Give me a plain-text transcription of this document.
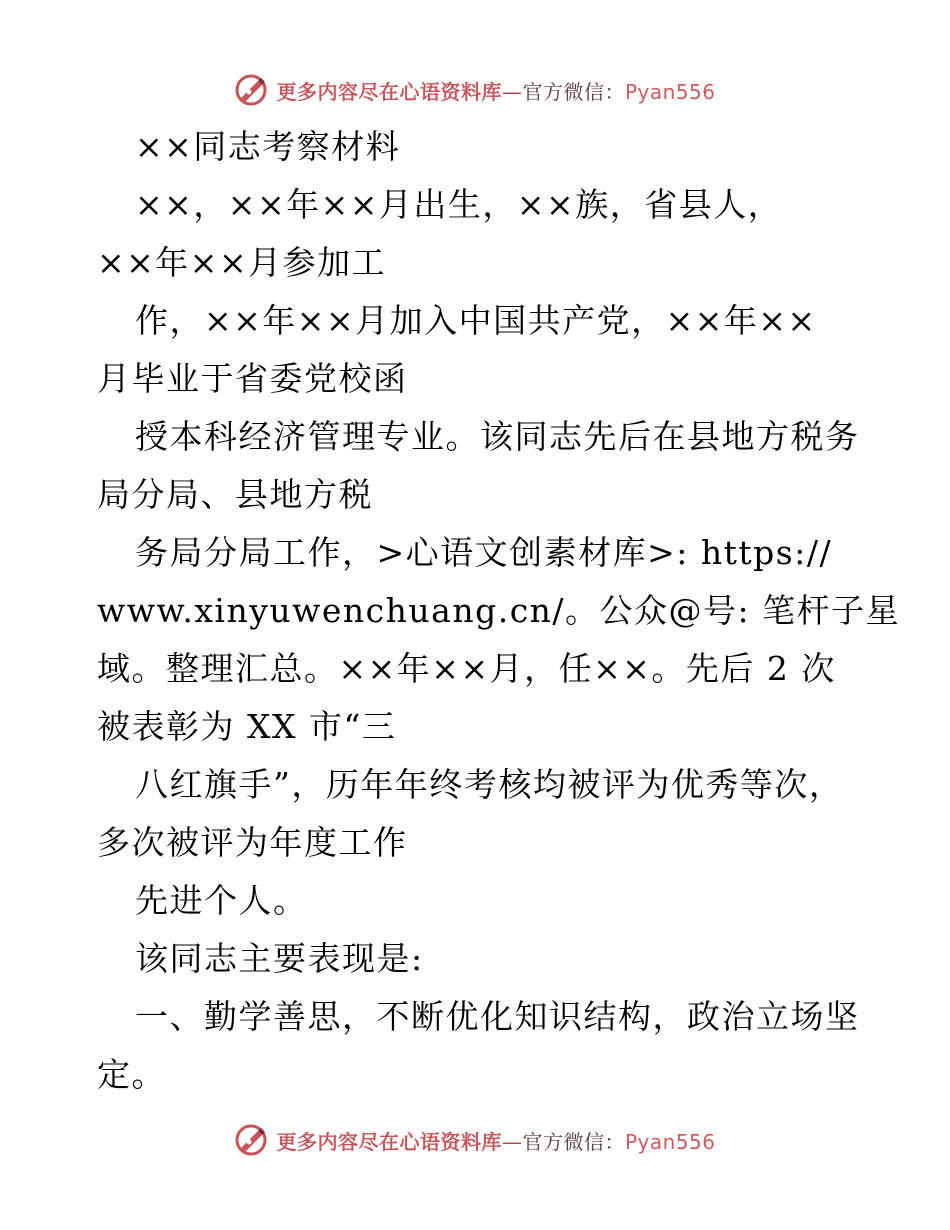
更多内容尽在心语资料库—官方微信：Pyan556
××同志考察材料
××，××年××月出生，××族，省县人，
××年××月参加工
作，××年××月加入中国共产党，××年××
月毕业于省委党校函
授本科经济管理专业。该同志先后在县地方税务
局分局、县地方税
务局分局工作，>心语文创素材库>: https://
www.xinyuwenchuang.cn/。公众@号: 笔杆子星
域。整理汇总。××年××月，任××。先后 2 次
被表彰为 XX 市“三
八红旗手”，历年年终考核均被评为优秀等次，
多次被评为年度工作
先进个人。
该同志主要表现是:
一、勤学善思，不断优化知识结构，政治立场坚
定。
更多内容尽在心语资料库—官方微信：Pyan556
